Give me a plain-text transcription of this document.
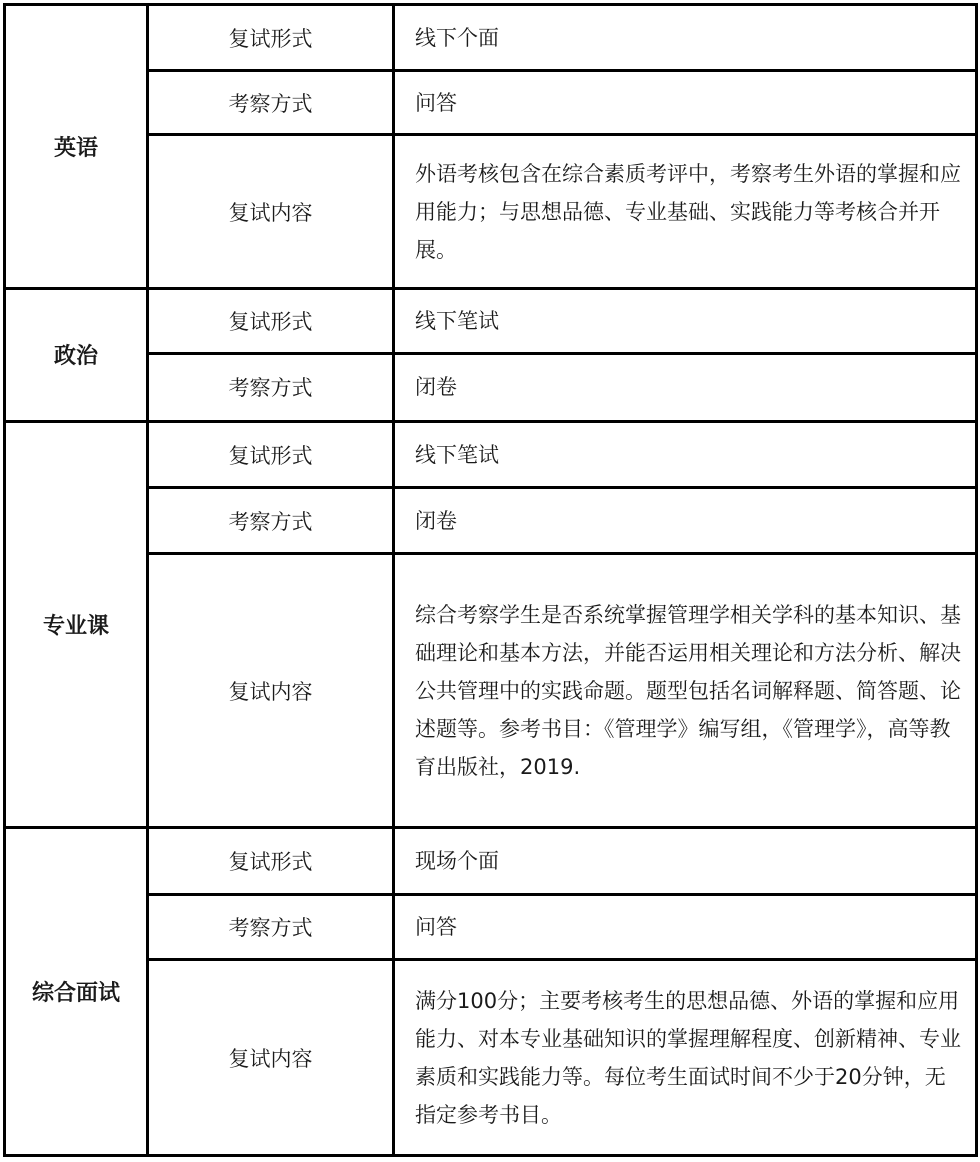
英语	复试形式	线下个面
	考察方式	问答
	复试内容	外语考核包含在综合素质考评中，考察考生外语的掌握和应用能力；与思想品德、专业基础、实践能力等考核合并开展。
政治	复试形式	线下笔试
	考察方式	闭卷
专业课	复试形式	线下笔试
	考察方式	闭卷
	复试内容	综合考察学生是否系统掌握管理学相关学科的基本知识、基础理论和基本方法，并能否运用相关理论和方法分析、解决公共管理中的实践命题。题型包括名词解释题、简答题、论述题等。参考书目：《管理学》编写组，《管理学》，高等教育出版社，2019.
综合面试	复试形式	现场个面
	考察方式	问答
	复试内容	满分100分；主要考核考生的思想品德、外语的掌握和应用能力、对本专业基础知识的掌握理解程度、创新精神、专业素质和实践能力等。每位考生面试时间不少于20分钟，无指定参考书目。
